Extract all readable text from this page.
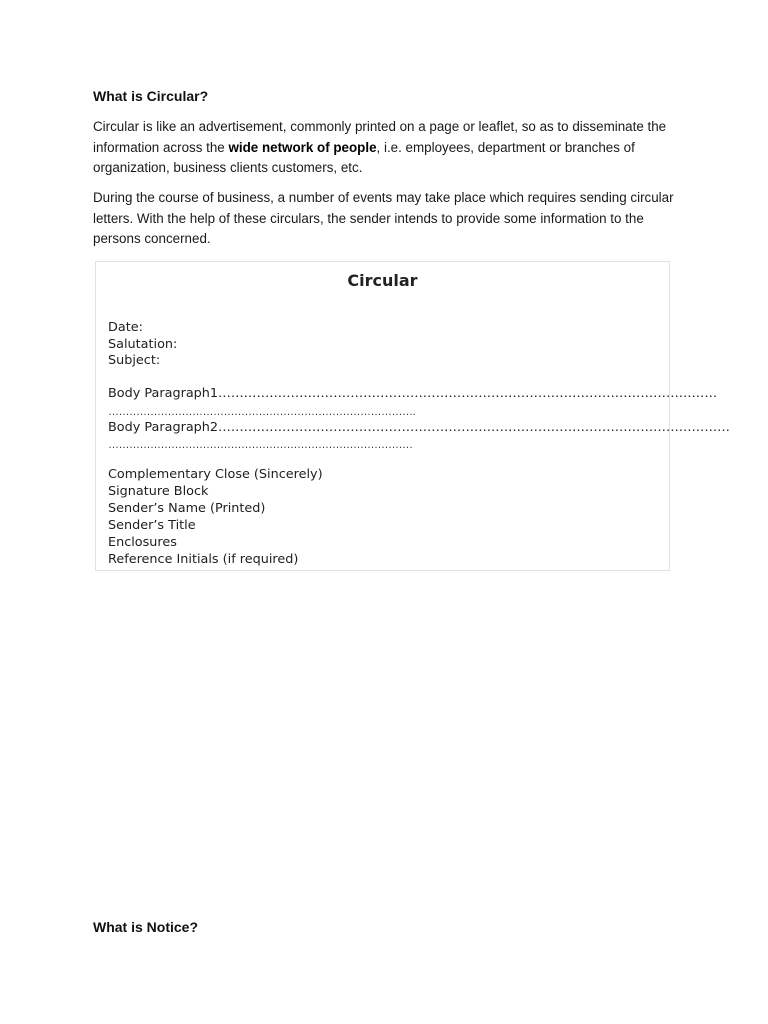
What is Circular?
Circular is like an advertisement, commonly printed on a page or leaflet, so as to disseminate the information across the wide network of people, i.e. employees, department or branches of organization, business clients customers, etc.
During the course of business, a number of events may take place which requires sending circular letters. With the help of these circulars, the sender intends to provide some information to the persons concerned.
Circular
Date:
Salutation:
Subject:
Body Paragraph1………………………………………………………………………………………………………
…………………………………………………………………………….
Body Paragraph2…………………………………………………………………………………………………………
……………………………………………………………………………
Complementary Close (Sincerely)
Signature Block
Sender’s Name (Printed)
Sender’s Title
Enclosures
Reference Initials (if required)
What is Notice?
